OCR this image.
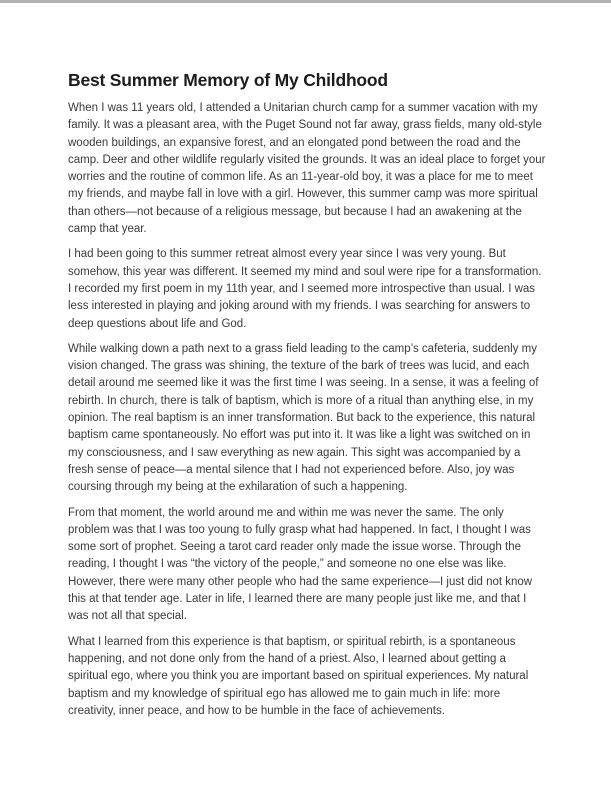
Best Summer Memory of My Childhood

When I was 11 years old, I attended a Unitarian church camp for a summer vacation with my family. It was a pleasant area, with the Puget Sound not far away, grass fields, many old-style wooden buildings, an expansive forest, and an elongated pond between the road and the camp. Deer and other wildlife regularly visited the grounds. It was an ideal place to forget your worries and the routine of common life. As an 11-year-old boy, it was a place for me to meet my friends, and maybe fall in love with a girl. However, this summer camp was more spiritual than others—not because of a religious message, but because I had an awakening at the camp that year.

I had been going to this summer retreat almost every year since I was very young. But somehow, this year was different. It seemed my mind and soul were ripe for a transformation. I recorded my first poem in my 11th year, and I seemed more introspective than usual. I was less interested in playing and joking around with my friends. I was searching for answers to deep questions about life and God.

While walking down a path next to a grass field leading to the camp’s cafeteria, suddenly my vision changed. The grass was shining, the texture of the bark of trees was lucid, and each detail around me seemed like it was the first time I was seeing. In a sense, it was a feeling of rebirth. In church, there is talk of baptism, which is more of a ritual than anything else, in my opinion. The real baptism is an inner transformation. But back to the experience, this natural baptism came spontaneously. No effort was put into it. It was like a light was switched on in my consciousness, and I saw everything as new again. This sight was accompanied by a fresh sense of peace—a mental silence that I had not experienced before. Also, joy was coursing through my being at the exhilaration of such a happening.

From that moment, the world around me and within me was never the same. The only problem was that I was too young to fully grasp what had happened. In fact, I thought I was some sort of prophet. Seeing a tarot card reader only made the issue worse. Through the reading, I thought I was “the victory of the people,” and someone no one else was like. However, there were many other people who had the same experience—I just did not know this at that tender age. Later in life, I learned there are many people just like me, and that I was not all that special.

What I learned from this experience is that baptism, or spiritual rebirth, is a spontaneous happening, and not done only from the hand of a priest. Also, I learned about getting a spiritual ego, where you think you are important based on spiritual experiences. My natural baptism and my knowledge of spiritual ego has allowed me to gain much in life: more creativity, inner peace, and how to be humble in the face of achievements.
